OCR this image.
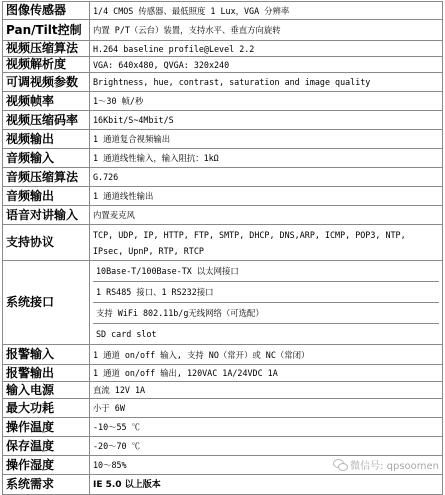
图像传感器	1/4 CMOS 传感器、最低照度 1 Lux，VGA 分辨率
Pan/Tilt控制	内置 P/T（云台）装置，支持水平、垂直方向旋转
视频压缩算法	H.264 baseline profile@Level 2.2
视频解析度	VGA: 640x480, QVGA: 320x240
可调视频参数	Brightness, hue, contrast, saturation and image quality
视频帧率	1～30 帧/秒
视频压缩码率	16Kbit/S~4Mbit/S
视频输出	1 通道复合视频输出
音频输入	1 通道线性输入，输入阻抗：1kΩ
音频压缩算法	G.726
音频输出	1 通道线性输出
语音对讲输入	内置麦克风
支持协议	TCP, UDP, IP, HTTP, FTP, SMTP, DHCP, DNS,ARP, ICMP, POP3, NTP,
IPsec, UpnP, RTP, RTCP

系统接口	10Base-T/100Base-TX 以太网接口
1 RS485 接口、1 RS232接口
支持 WiFi 802.11b/g无线网络（可选配）
SD card slot

报警输入	1 通道 on/off 输入, 支持 NO（常开）或 NC（常闭）
报警输出	1 通道 on/off 输出, 120VAC 1A/24VDC 1A
输入电源	直流 12V 1A
最大功耗	小于 6W
操作温度	-10～55 ℃
保存温度	-20～70 ℃
操作湿度	10～85%
系统需求	IE 5.0 以上版本
微信号: qpsoomen
